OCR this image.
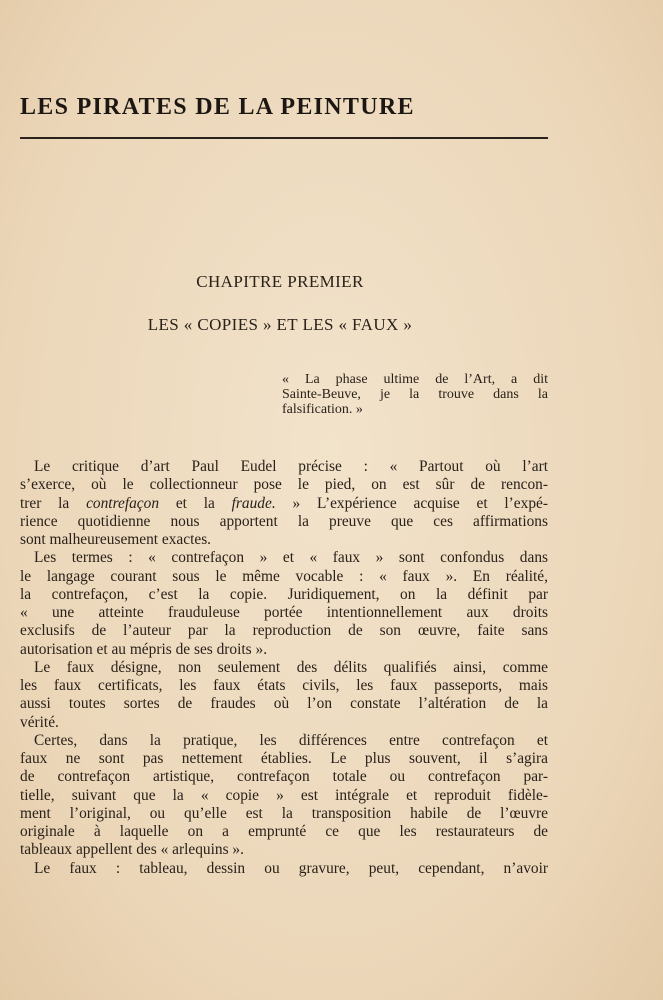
LES PIRATES DE LA PEINTURE
CHAPITRE PREMIER
LES « COPIES » ET LES « FAUX »

« La phase ultime de l’Art, a dit
Sainte-Beuve, je la trouve dans la
falsification. »

Le critique d’art Paul Eudel précise : « Partout où l’art
s’exerce, où le collectionneur pose le pied, on est sûr de rencon-
trer la contrefaçon et la fraude. » L’expérience acquise et l’expé-
rience quotidienne nous apportent la preuve que ces affirmations
sont malheureusement exactes.
Les termes : « contrefaçon » et « faux » sont confondus dans
le langage courant sous le même vocable : « faux ». En réalité,
la contrefaçon, c’est la copie. Juridiquement, on la définit par
« une atteinte frauduleuse portée intentionnellement aux droits
exclusifs de l’auteur par la reproduction de son œuvre, faite sans
autorisation et au mépris de ses droits ».
Le faux désigne, non seulement des délits qualifiés ainsi, comme
les faux certificats, les faux états civils, les faux passeports, mais
aussi toutes sortes de fraudes où l’on constate l’altération de la
vérité.
Certes, dans la pratique, les différences entre contrefaçon et
faux ne sont pas nettement établies. Le plus souvent, il s’agira
de contrefaçon artistique, contrefaçon totale ou contrefaçon par-
tielle, suivant que la « copie » est intégrale et reproduit fidèle-
ment l’original, ou qu’elle est la transposition habile de l’œuvre
originale à laquelle on a emprunté ce que les restaurateurs de
tableaux appellent des « arlequins ».
Le faux : tableau, dessin ou gravure, peut, cependant, n’avoir
